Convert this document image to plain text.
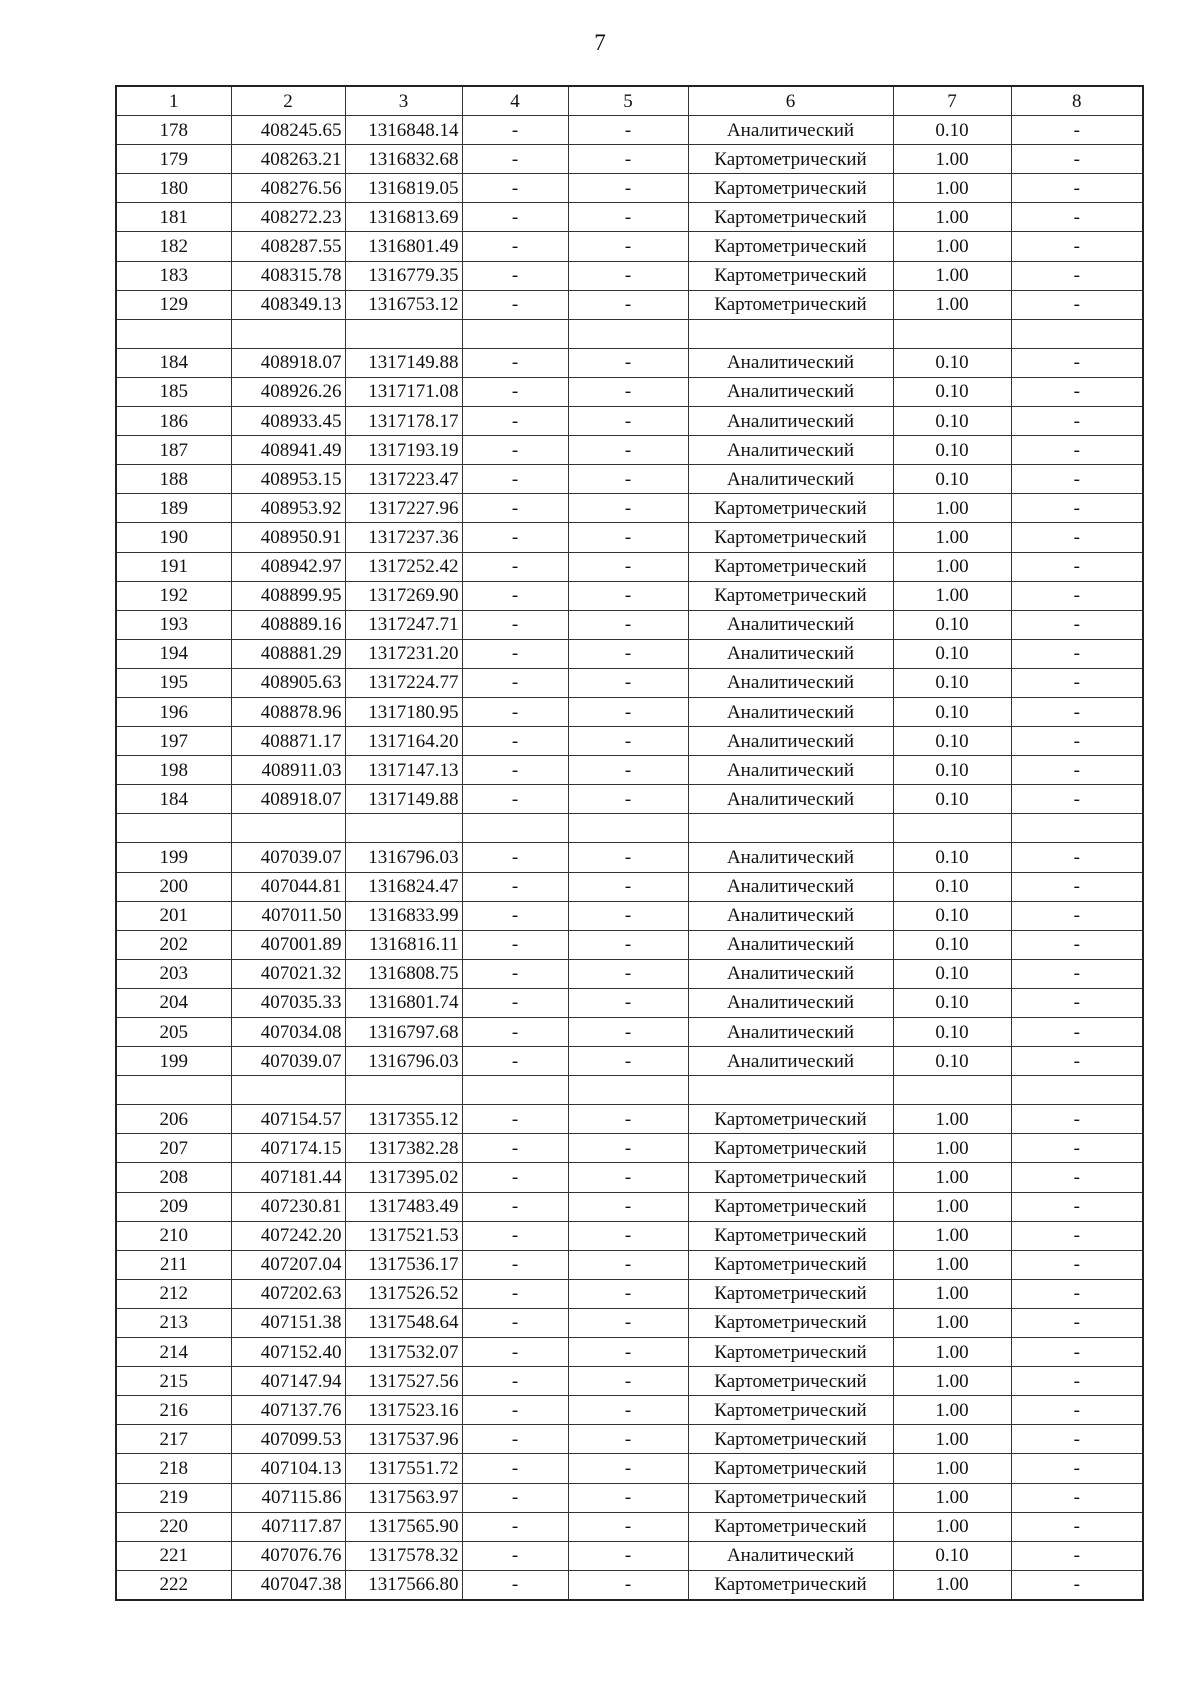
7
1	2	3	4	5	6	7	8
178	408245.65	1316848.14	-	-	Аналитический	0.10	-
179	408263.21	1316832.68	-	-	Картометрический	1.00	-
180	408276.56	1316819.05	-	-	Картометрический	1.00	-
181	408272.23	1316813.69	-	-	Картометрический	1.00	-
182	408287.55	1316801.49	-	-	Картометрический	1.00	-
183	408315.78	1316779.35	-	-	Картометрический	1.00	-
129	408349.13	1316753.12	-	-	Картометрический	1.00	-

184	408918.07	1317149.88	-	-	Аналитический	0.10	-
185	408926.26	1317171.08	-	-	Аналитический	0.10	-
186	408933.45	1317178.17	-	-	Аналитический	0.10	-
187	408941.49	1317193.19	-	-	Аналитический	0.10	-
188	408953.15	1317223.47	-	-	Аналитический	0.10	-
189	408953.92	1317227.96	-	-	Картометрический	1.00	-
190	408950.91	1317237.36	-	-	Картометрический	1.00	-
191	408942.97	1317252.42	-	-	Картометрический	1.00	-
192	408899.95	1317269.90	-	-	Картометрический	1.00	-
193	408889.16	1317247.71	-	-	Аналитический	0.10	-
194	408881.29	1317231.20	-	-	Аналитический	0.10	-
195	408905.63	1317224.77	-	-	Аналитический	0.10	-
196	408878.96	1317180.95	-	-	Аналитический	0.10	-
197	408871.17	1317164.20	-	-	Аналитический	0.10	-
198	408911.03	1317147.13	-	-	Аналитический	0.10	-
184	408918.07	1317149.88	-	-	Аналитический	0.10	-

199	407039.07	1316796.03	-	-	Аналитический	0.10	-
200	407044.81	1316824.47	-	-	Аналитический	0.10	-
201	407011.50	1316833.99	-	-	Аналитический	0.10	-
202	407001.89	1316816.11	-	-	Аналитический	0.10	-
203	407021.32	1316808.75	-	-	Аналитический	0.10	-
204	407035.33	1316801.74	-	-	Аналитический	0.10	-
205	407034.08	1316797.68	-	-	Аналитический	0.10	-
199	407039.07	1316796.03	-	-	Аналитический	0.10	-

206	407154.57	1317355.12	-	-	Картометрический	1.00	-
207	407174.15	1317382.28	-	-	Картометрический	1.00	-
208	407181.44	1317395.02	-	-	Картометрический	1.00	-
209	407230.81	1317483.49	-	-	Картометрический	1.00	-
210	407242.20	1317521.53	-	-	Картометрический	1.00	-
211	407207.04	1317536.17	-	-	Картометрический	1.00	-
212	407202.63	1317526.52	-	-	Картометрический	1.00	-
213	407151.38	1317548.64	-	-	Картометрический	1.00	-
214	407152.40	1317532.07	-	-	Картометрический	1.00	-
215	407147.94	1317527.56	-	-	Картометрический	1.00	-
216	407137.76	1317523.16	-	-	Картометрический	1.00	-
217	407099.53	1317537.96	-	-	Картометрический	1.00	-
218	407104.13	1317551.72	-	-	Картометрический	1.00	-
219	407115.86	1317563.97	-	-	Картометрический	1.00	-
220	407117.87	1317565.90	-	-	Картометрический	1.00	-
221	407076.76	1317578.32	-	-	Аналитический	0.10	-
222	407047.38	1317566.80	-	-	Картометрический	1.00	-
